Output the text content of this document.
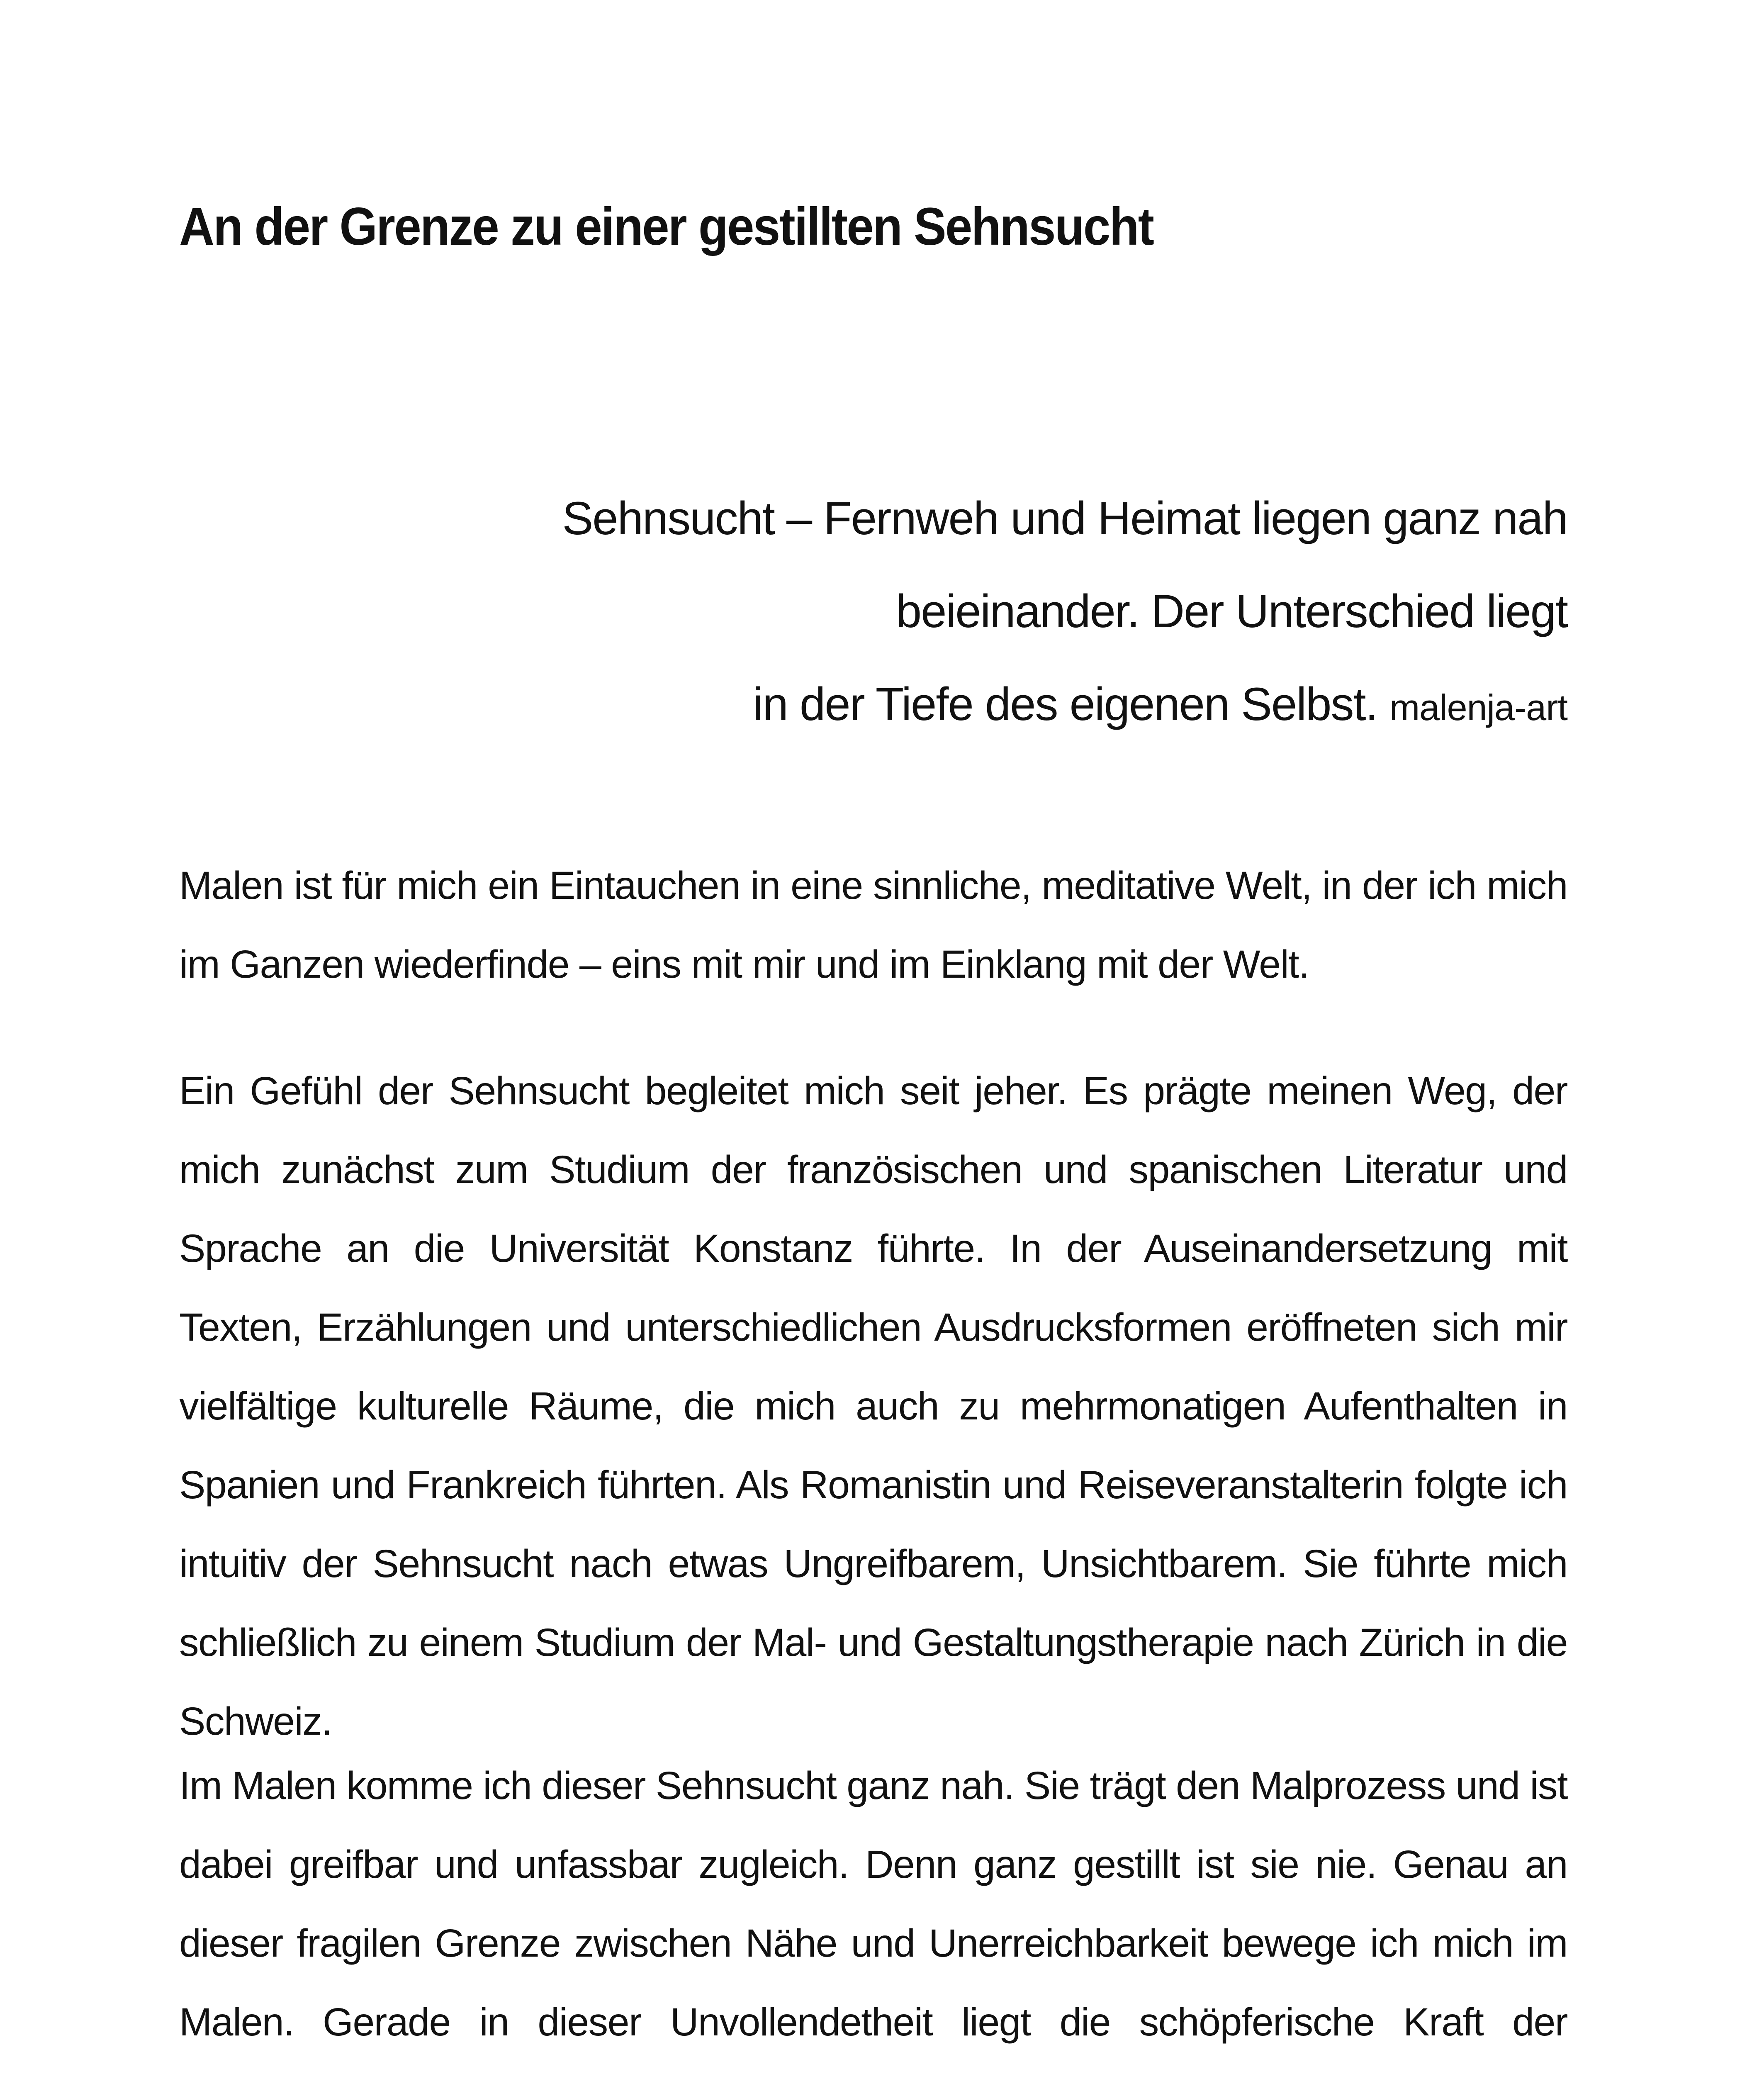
An der Grenze zu einer gestillten Sehnsucht
Sehnsucht – Fernweh und Heimat liegen ganz nah
beieinander. Der Unterschied liegt
in der Tiefe des eigenen Selbst. malenja-art

Malen ist für mich ein Eintauchen in eine sinnliche, meditative Welt, in der ich mich im Ganzen wiederfinde – eins mit mir und im Einklang mit der Welt.

Ein Gefühl der Sehnsucht begleitet mich seit jeher. Es prägte meinen Weg, der mich zunächst zum Studium der französischen und spanischen Literatur und Sprache an die Universität Konstanz führte. In der Auseinandersetzung mit Texten, Erzählungen und unterschiedlichen Ausdrucksformen eröffneten sich mir vielfältige kulturelle Räume, die mich auch zu mehrmonatigen Aufenthalten in Spanien und Frankreich führten. Als Romanistin und Reiseveranstalterin folgte ich intuitiv der Sehnsucht nach etwas Ungreifbarem, Unsichtbarem. Sie führte mich schließlich zu einem Studium der Mal- und Gestaltungstherapie nach Zürich in die Schweiz.

Im Malen komme ich dieser Sehnsucht ganz nah. Sie trägt den Malprozess und ist dabei greifbar und unfassbar zugleich. Denn ganz gestillt ist sie nie. Genau an dieser fragilen Grenze zwischen Nähe und Unerreichbarkeit bewege ich mich im Malen. Gerade in dieser Unvollendetheit liegt die schöpferische Kraft der
